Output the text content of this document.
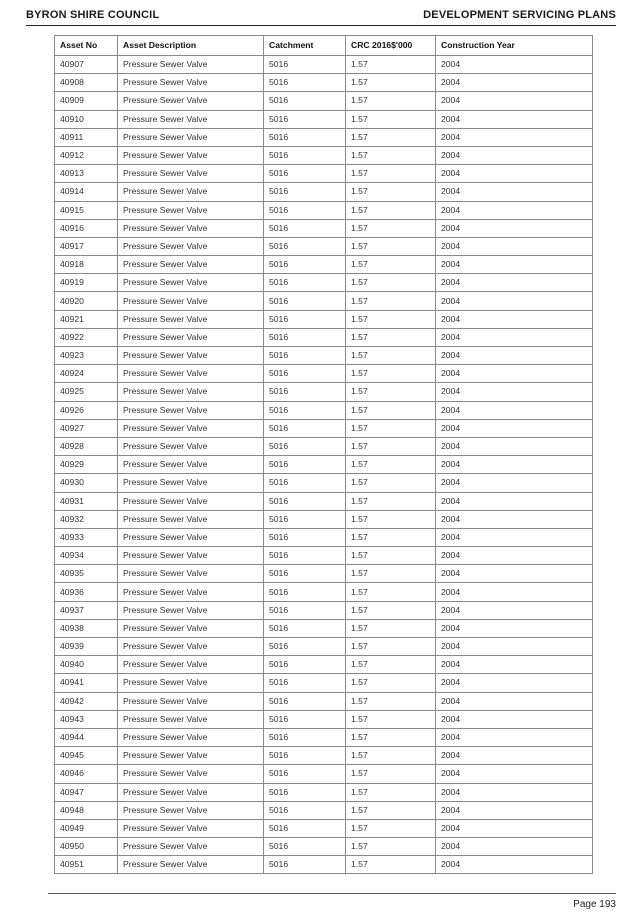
BYRON SHIRE COUNCIL	DEVELOPMENT SERVICING PLANS
Asset No	Asset Description	Catchment	CRC 2016$'000	Construction Year
40907	Pressure Sewer Valve	5016	1.57	2004
40908	Pressure Sewer Valve	5016	1.57	2004
40909	Pressure Sewer Valve	5016	1.57	2004
40910	Pressure Sewer Valve	5016	1.57	2004
40911	Pressure Sewer Valve	5016	1.57	2004
40912	Pressure Sewer Valve	5016	1.57	2004
40913	Pressure Sewer Valve	5016	1.57	2004
40914	Pressure Sewer Valve	5016	1.57	2004
40915	Pressure Sewer Valve	5016	1.57	2004
40916	Pressure Sewer Valve	5016	1.57	2004
40917	Pressure Sewer Valve	5016	1.57	2004
40918	Pressure Sewer Valve	5016	1.57	2004
40919	Pressure Sewer Valve	5016	1.57	2004
40920	Pressure Sewer Valve	5016	1.57	2004
40921	Pressure Sewer Valve	5016	1.57	2004
40922	Pressure Sewer Valve	5016	1.57	2004
40923	Pressure Sewer Valve	5016	1.57	2004
40924	Pressure Sewer Valve	5016	1.57	2004
40925	Pressure Sewer Valve	5016	1.57	2004
40926	Pressure Sewer Valve	5016	1.57	2004
40927	Pressure Sewer Valve	5016	1.57	2004
40928	Pressure Sewer Valve	5016	1.57	2004
40929	Pressure Sewer Valve	5016	1.57	2004
40930	Pressure Sewer Valve	5016	1.57	2004
40931	Pressure Sewer Valve	5016	1.57	2004
40932	Pressure Sewer Valve	5016	1.57	2004
40933	Pressure Sewer Valve	5016	1.57	2004
40934	Pressure Sewer Valve	5016	1.57	2004
40935	Pressure Sewer Valve	5016	1.57	2004
40936	Pressure Sewer Valve	5016	1.57	2004
40937	Pressure Sewer Valve	5016	1.57	2004
40938	Pressure Sewer Valve	5016	1.57	2004
40939	Pressure Sewer Valve	5016	1.57	2004
40940	Pressure Sewer Valve	5016	1.57	2004
40941	Pressure Sewer Valve	5016	1.57	2004
40942	Pressure Sewer Valve	5016	1.57	2004
40943	Pressure Sewer Valve	5016	1.57	2004
40944	Pressure Sewer Valve	5016	1.57	2004
40945	Pressure Sewer Valve	5016	1.57	2004
40946	Pressure Sewer Valve	5016	1.57	2004
40947	Pressure Sewer Valve	5016	1.57	2004
40948	Pressure Sewer Valve	5016	1.57	2004
40949	Pressure Sewer Valve	5016	1.57	2004
40950	Pressure Sewer Valve	5016	1.57	2004
40951	Pressure Sewer Valve	5016	1.57	2004
Page 193
